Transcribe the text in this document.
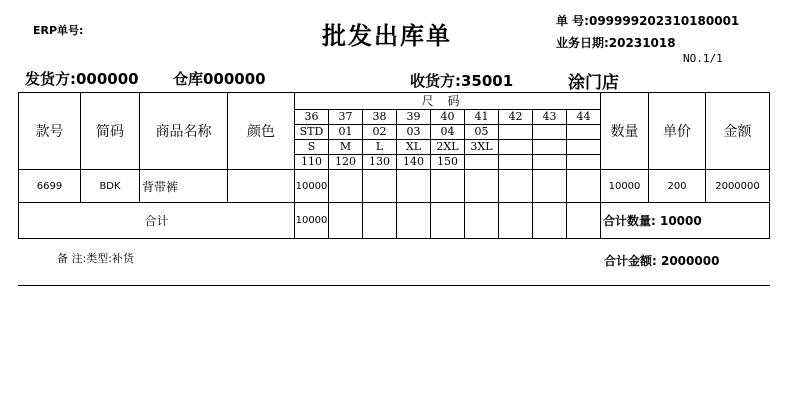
ERP单号:	批发出库单	单 号:099999202310180001
业务日期:20231018
NO.1/1
发货方:000000 仓库000000	收货方:35001	涂门店
款号	简码	商品名称	颜色	尺码									数量	单价	金额
				36	37	38	39	40	41	42	43	44			
				STD	01	02	03	04	05						
				S	M	L	XL	2XL	3XL						
				110	120	130	140	150							
6699	BDK	背带裤		10000									10000	200	2000000
合计				10000									合计数量: 10000		
备 注:类型:补货	合计金额: 2000000
